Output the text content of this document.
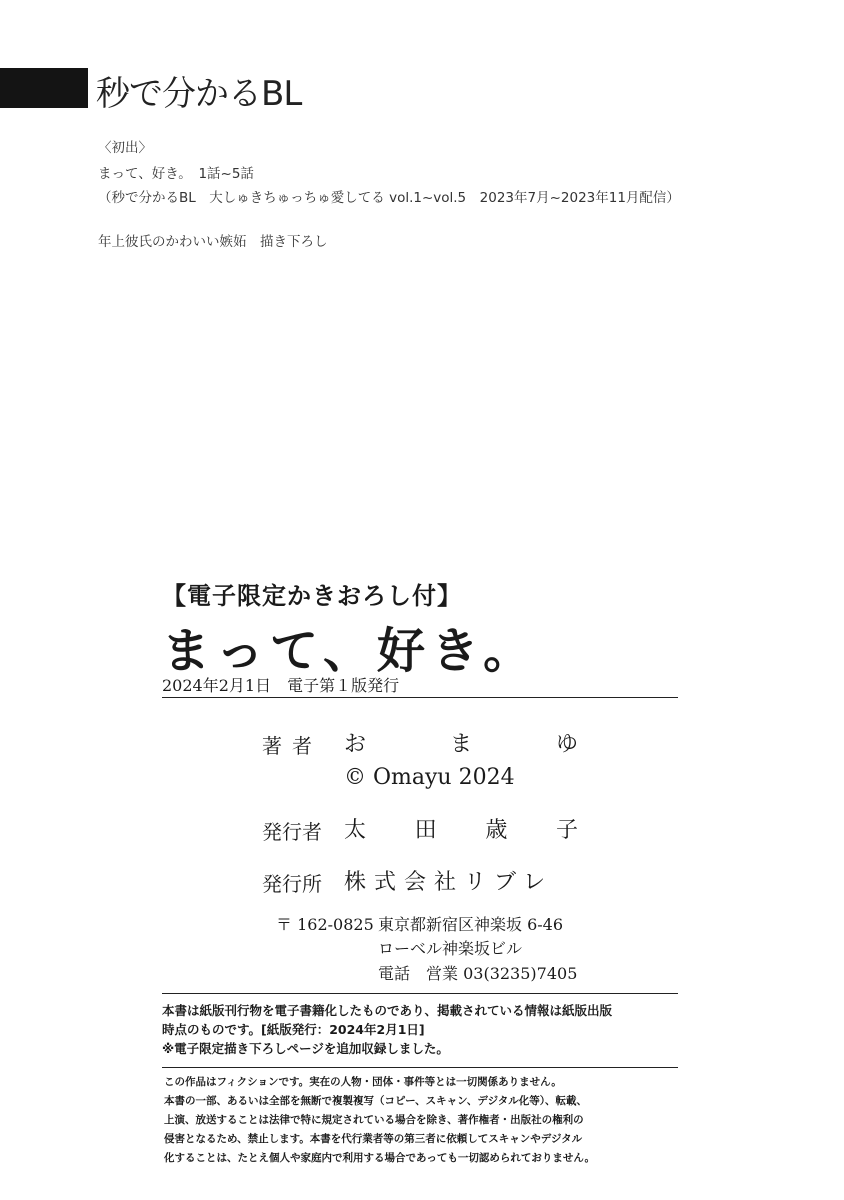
秒で分かるBL
〈初出〉
まって、好き。　1話~5話
（秒で分かるBL　大しゅきちゅっちゅ愛してる vol.1~vol.5　2023年7月~2023年11月配信）
年上彼氏のかわいい嫉妬　描き下ろし
【電子限定かきおろし付】
まって、好き。
2024年2月1日　電子第１版発行
著者 お	ま	ゆ
© Omayu 2024
発行者 太 田 歳 子
発行所 株式会社リブレ
〒 162-0825 東京都新宿区神楽坂 6-46
ローベル神楽坂ビル
電話　営業 03(3235)7405
本書は紙版刊行物を電子書籍化したものであり、掲載されている情報は紙版出版
時点のものです。[紙版発行：2024年2月1日]
※電子限定描き下ろしページを追加収録しました。
この作品はフィクションです。実在の人物・団体・事件等とは一切関係ありません。
本書の一部、あるいは全部を無断で複製複写（コピー、スキャン、デジタル化等）、転載、
上演、放送することは法律で特に規定されている場合を除き、著作権者・出版社の権利の
侵害となるため、禁止します。本書を代行業者等の第三者に依頼してスキャンやデジタル
化することは、たとえ個人や家庭内で利用する場合であっても一切認められておりません。
